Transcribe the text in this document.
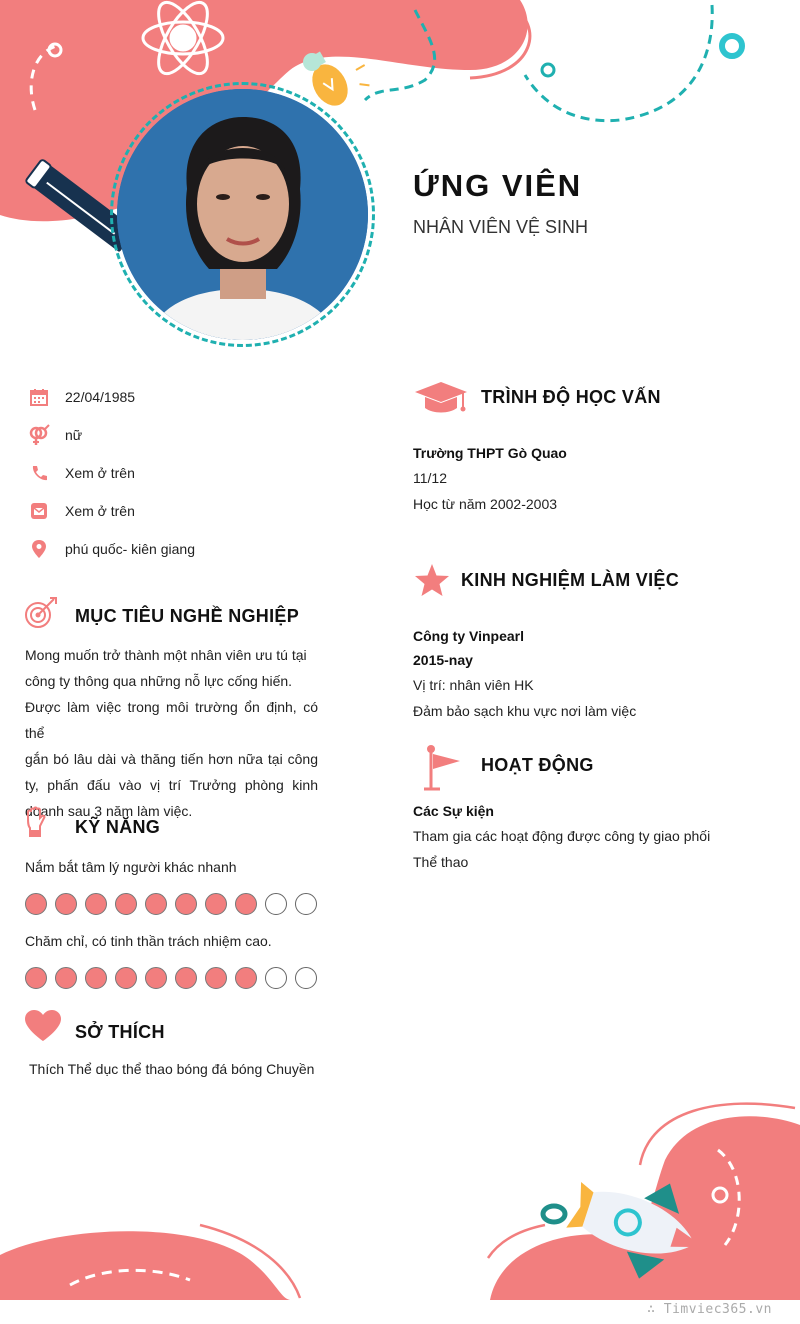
ỨNG VIÊN
NHÂN VIÊN VỆ SINH
22/04/1985
nữ
Xem ở trên
Xem ở trên
phú quốc- kiên giang
MỤC TIÊU NGHỀ NGHIỆP
Mong muốn trở thành một nhân viên ưu tú tại
công ty thông qua những nỗ lực cống hiến.
Được làm việc trong môi trường ổn định, có thể
gắn bó lâu dài và thăng tiến hơn nữa tại công
ty, phấn đấu vào vị trí Trưởng phòng kinh
doanh sau 3 năm làm việc.
KỸ NĂNG
Nắm bắt tâm lý người khác nhanh
Chăm chỉ, có tinh thần trách nhiệm cao.
SỞ THÍCH
Thích Thể dục thể thao bóng đá bóng Chuyền
TRÌNH ĐỘ HỌC VẤN
Trường THPT Gò Quao
11/12
Học từ năm 2002-2003
KINH NGHIỆM LÀM VIỆC
Công ty Vinpearl
2015-nay
Vị trí: nhân viên HK
Đảm bảo sạch khu vực nơi làm việc
HOẠT ĐỘNG
Các Sự kiện
Tham gia các hoạt động được công ty giao phối
Thể thao
∴ Timviec365.vn
